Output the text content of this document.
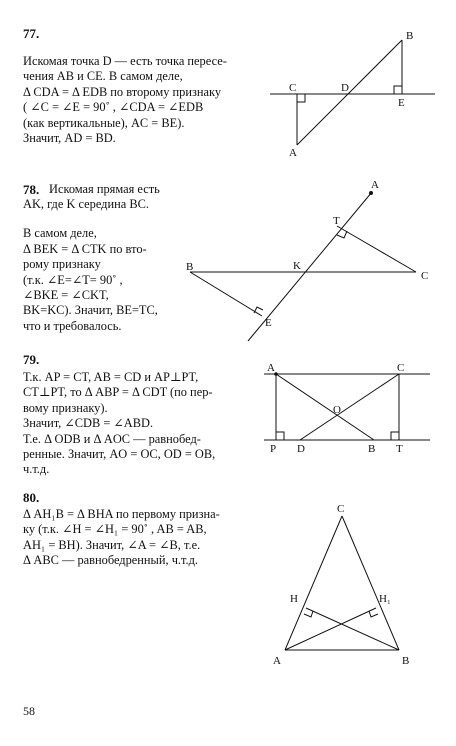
77.
Искомая точка D — есть точка пересе-
чения AB и CE. В самом деле,
Δ CDA = Δ EDB по второму признаку
( ∠C = ∠E = 90˚ , ∠CDA = ∠EDB
(как вертикальные), AC = BE).
Значит, AD = BD.
B
C	D
E
A
78. Искомая прямая есть
AK, где K середина BC.
В самом деле,
Δ BEK = Δ CTK по вто-
рому признаку
(т.к. ∠E=∠T= 90˚ ,
∠BKE = ∠CKT,
BK=KC). Значит, BE=TC,
что и требовалось.
A
T
B	K
C
E
79.
Т.к. AP = CT, AB = CD и AP⊥PT,
CT⊥PT, то Δ ABP = Δ CDT (по пер-
вому признаку).
Значит, ∠CDB = ∠ABD.
Т.е. Δ ODB и Δ AOC — равнобед-
ренные. Значит, AO = OC, OD = OB,
ч.т.д.
A	C
O
P D	B T
80.
Δ AH₁B = Δ BHA по первому призна-
ку (т.к. ∠H = ∠H₁ = 90˚ , AB = AB,
AH₁ = BH). Значит, ∠A = ∠B, т.е.
Δ ABC — равнобедренный, ч.т.д.
C
H	H₁
A	B
58
